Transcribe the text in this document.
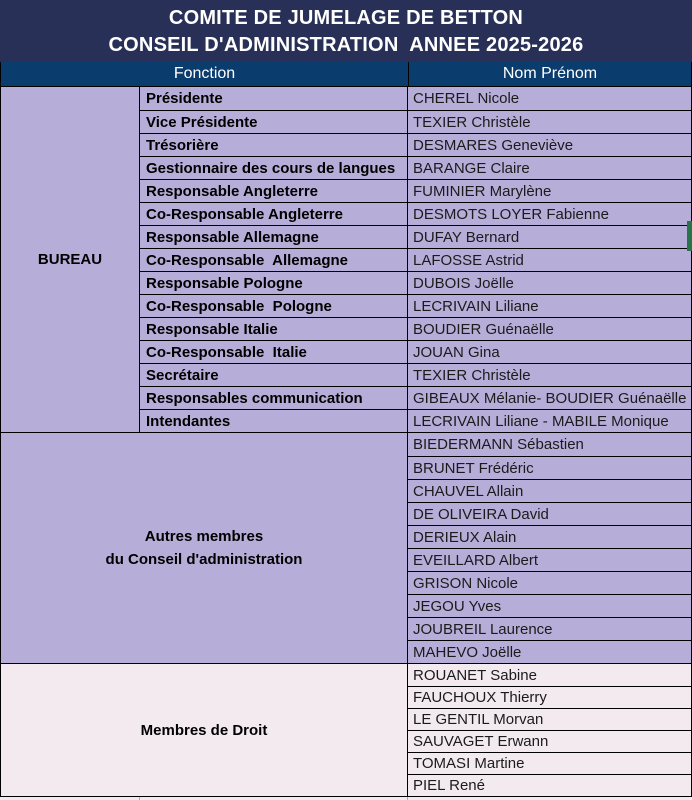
COMITE DE JUMELAGE DE BETTON
CONSEIL D'ADMINISTRATION  ANNEE 2025-2026
Fonction	Nom Prénom
BUREAU
Présidente	CHEREL Nicole
Vice Présidente	TEXIER Christèle
Trésorière	DESMARES Geneviève
Gestionnaire des cours de langues	BARANGE Claire
Responsable Angleterre	FUMINIER Marylène
Co-Responsable Angleterre	DESMOTS LOYER Fabienne
Responsable Allemagne	DUFAY Bernard
Co-Responsable  Allemagne	LAFOSSE Astrid
Responsable Pologne	DUBOIS Joëlle
Co-Responsable  Pologne	LECRIVAIN Liliane
Responsable Italie	BOUDIER Guénaëlle
Co-Responsable  Italie	JOUAN Gina
Secrétaire	TEXIER Christèle
Responsables communication	GIBEAUX Mélanie- BOUDIER Guénaëlle
Intendantes	LECRIVAIN Liliane - MABILE Monique
Autres membres
du Conseil d'administration
BIEDERMANN Sébastien
BRUNET Frédéric
CHAUVEL Allain
DE OLIVEIRA David
DERIEUX Alain
EVEILLARD Albert
GRISON Nicole
JEGOU Yves
JOUBREIL Laurence
MAHEVO Joëlle
Membres de Droit
ROUANET Sabine
FAUCHOUX Thierry
LE GENTIL Morvan
SAUVAGET Erwann
TOMASI Martine
PIEL René
